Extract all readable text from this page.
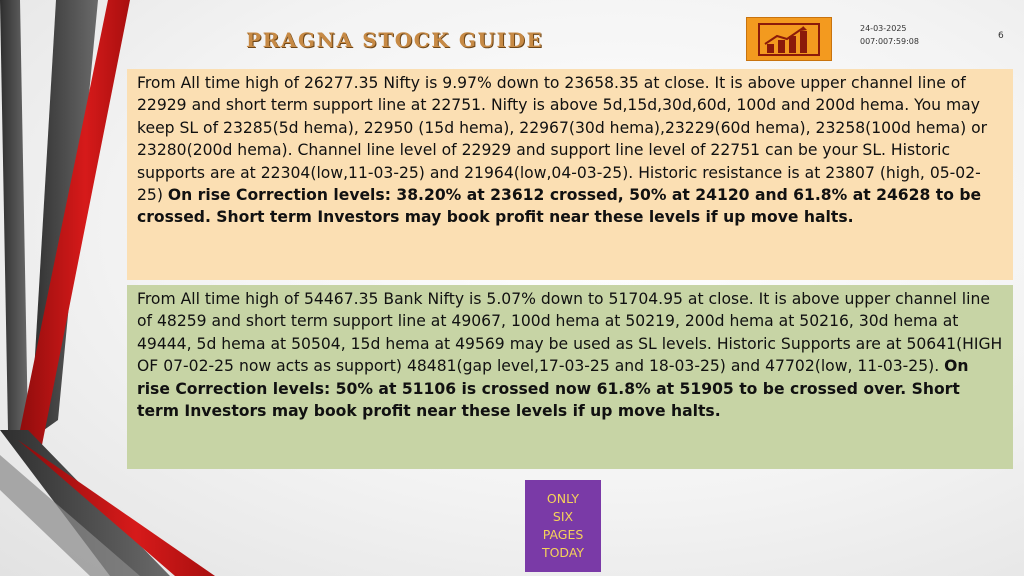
PRAGNA STOCK GUIDE	24-03-2025
007:007:59:08
6
From All time high of 26277.35 Nifty is 9.97% down to 23658.35 at close. It is above upper channel line of 22929 and short term support line at 22751. Nifty is above 5d,15d,30d,60d, 100d and 200d hema. You may keep SL of 23285(5d hema), 22950 (15d hema), 22967(30d hema),23229(60d hema), 23258(100d hema) or 23280(200d hema). Channel line level of 22929 and support line level of 22751 can be your SL. Historic supports are at 22304(low,11-03-25) and 21964(low,04-03-25). Historic resistance is at 23807 (high, 05-02-25) On rise Correction levels: 38.20% at 23612 crossed, 50% at 24120 and 61.8% at 24628 to be crossed. Short term Investors may book profit near these levels if up move halts.
From All time high of 54467.35 Bank Nifty is 5.07% down to 51704.95 at close. It is above upper channel line of 48259 and short term support line at 49067, 100d hema at 50219, 200d hema at 50216, 30d hema at 49444, 5d hema at 50504, 15d hema at 49569 may be used as SL levels. Historic Supports are at 50641(HIGH OF 07-02-25 now acts as support) 48481(gap level,17-03-25 and 18-03-25) and 47702(low, 11-03-25). On rise Correction levels: 50% at 51106 is crossed now 61.8% at 51905 to be crossed over. Short term Investors may book profit near these levels if up move halts.
ONLY
SIX
PAGES
TODAY
